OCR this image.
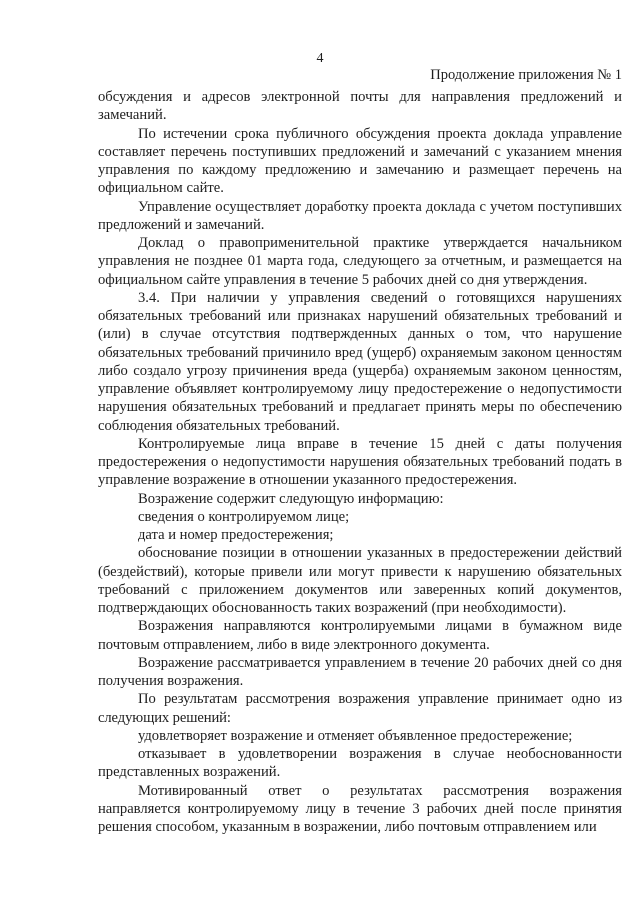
4
Продолжение приложения № 1

обсуждения и адресов электронной почты для направления предложений и замечаний.

По истечении срока публичного обсуждения проекта доклада управление составляет перечень поступивших предложений и замечаний с указанием мнения управления по каждому предложению и замечанию и размещает перечень на официальном сайте.

Управление осуществляет доработку проекта доклада с учетом поступивших предложений и замечаний.

Доклад о правоприменительной практике утверждается начальником управления не позднее 01 марта года, следующего за отчетным, и размещается на официальном сайте управления в течение 5 рабочих дней со дня утверждения.

3.4. При наличии у управления сведений о готовящихся нарушениях обязательных требований или признаках нарушений обязательных требований и (или) в случае отсутствия подтвержденных данных о том, что нарушение обязательных требований причинило вред (ущерб) охраняемым законом ценностям либо создало угрозу причинения вреда (ущерба) охраняемым законом ценностям, управление объявляет контролируемому лицу предостережение о недопустимости нарушения обязательных требований и предлагает принять меры по обеспечению соблюдения обязательных требований.

Контролируемые лица вправе в течение 15 дней с даты получения предостережения о недопустимости нарушения обязательных требований подать в управление возражение в отношении указанного предостережения.

Возражение содержит следующую информацию:

сведения о контролируемом лице;

дата и номер предостережения;

обоснование позиции в отношении указанных в предостережении действий (бездействий), которые привели или могут привести к нарушению обязательных требований с приложением документов или заверенных копий документов, подтверждающих обоснованность таких возражений (при необходимости).

Возражения направляются контролируемыми лицами в бумажном виде почтовым отправлением, либо в виде электронного документа.

Возражение рассматривается управлением в течение 20 рабочих дней со дня получения возражения.

По результатам рассмотрения возражения управление принимает одно из следующих решений:

удовлетворяет возражение и отменяет объявленное предостережение;

отказывает в удовлетворении возражения в случае необоснованности представленных возражений.

Мотивированный ответ о результатах рассмотрения возражения направляется контролируемому лицу в течение 3 рабочих дней после принятия решения способом, указанным в возражении, либо почтовым отправлением или
